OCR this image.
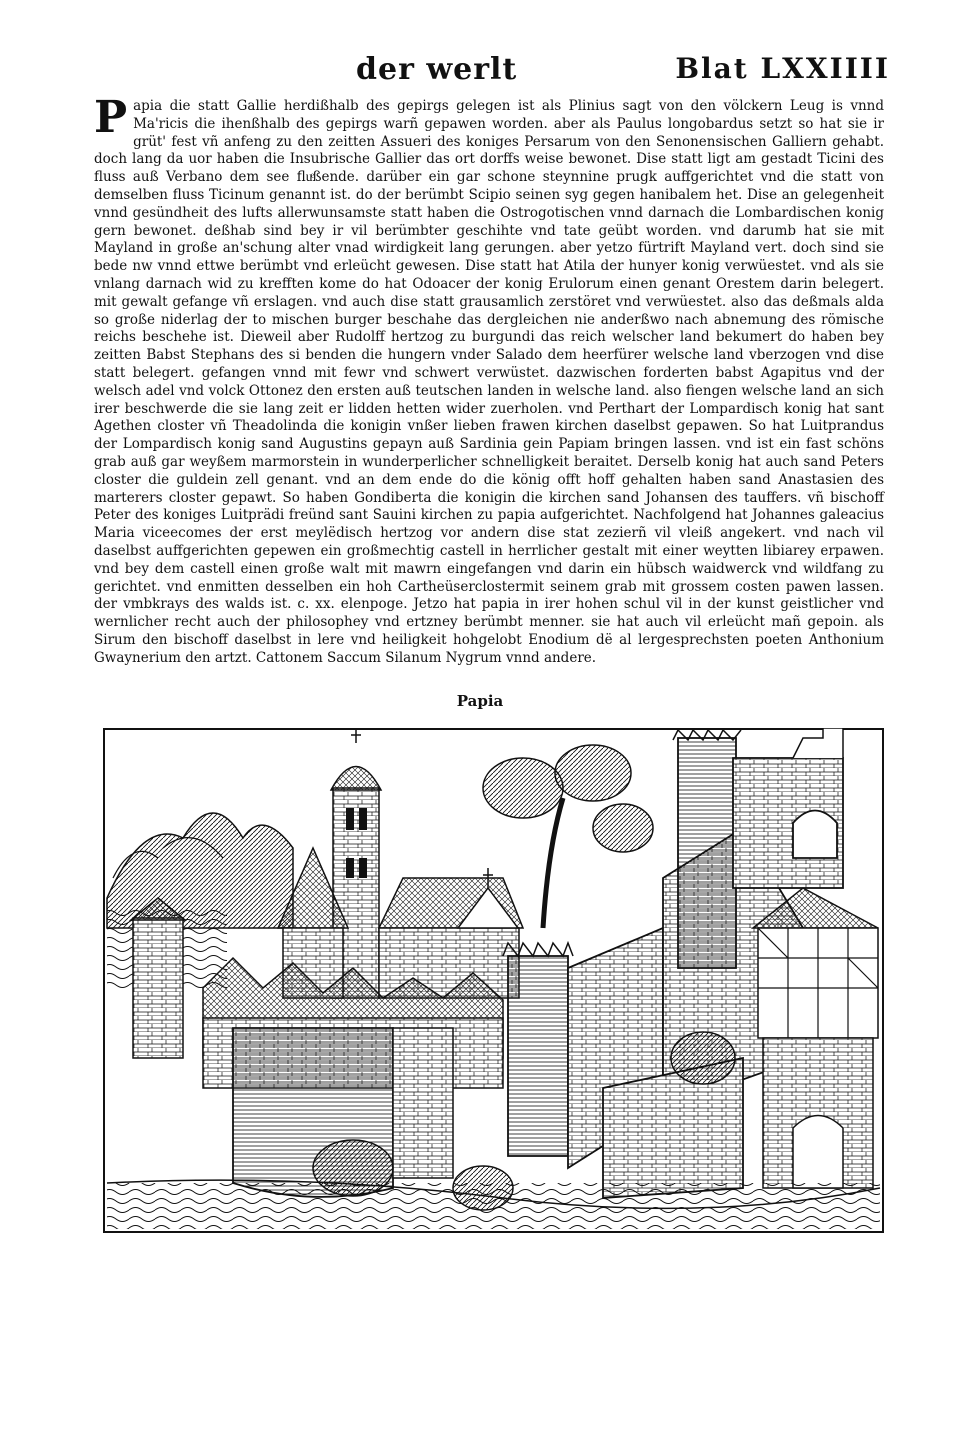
der werlt	Blat LXXIIII
Papia die statt Gallie herdißhalb des gepirgs gelegen ist als Plinius sagt von den völckern Leug is vnnd Ma'ricis die ihenßhalb des gepirgs warñ gepawen worden. aber als Paulus longobardus setzt so hat sie ir grüt' fest vñ anfeng zu den zeitten Assueri des koniges Persarum von den Senonensischen Galliern gehabt. doch lang da uor haben die Insubrische Gallier das ort dorffs weise bewonet. Dise statt ligt am gestadt Ticini des fluss auß Verbano dem see fluͤßende. darüber ein gar schone steynnine prugk auffgerichtet vnd die statt von demselben fluss Ticinum genannt ist. do der berümbt Scipio seinen syg gegen hanibalem het. Dise an gelegenheit vnnd gesündheit des lufts allerwunsamste statt haben die Ostrogotischen vnnd darnach die Lombardischen konig gern bewonet. deßhab sind bey ir vil berümbter geschihte vnd tate geübt worden. vnd darumb hat sie mit Mayland in große an'schung alter vnad wirdigkeit lang gerungen. aber yetzo fürtrift Mayland vert. doch sind sie bede nw vnnd ettwe berümbt vnd erleücht gewesen. Dise statt hat Atila der hunyer konig verwüestet. vnd als sie vnlang darnach wid zu krefften kome do hat Odoacer der konig Erulorum einen genant Orestem darin belegert. mit gewalt gefange vñ erslagen. vnd auch dise statt grausamlich zerstöret vnd verwüestet. also das deßmals alda so große niderlag der to mischen burger beschahe das dergleichen nie anderßwo nach abnemung des römische reichs beschehe ist. Dieweil aber Rudolff hertzog zu burgundi das reich welscher land bekumert do haben bey zeitten Babst Stephans des si benden die hungern vnder Salado dem heerfürer welsche land vberzogen vnd dise statt belegert. gefangen vnnd mit fewr vnd schwert verwüstet. dazwischen forderten babst Agapitus vnd der welsch adel vnd volck Ottonez den ersten auß teutschen landen in welsche land. also fiengen welsche land an sich irer beschwerde die sie lang zeit er lidden hetten wider zuerholen. vnd Perthart der Lompardisch konig hat sant Agethen closter vñ Theadolinda die konigin vnßer lieben frawen kirchen daselbst gepawen. So hat Luitprandus der Lompardisch konig sand Augustins gepayn auß Sardinia gein Papiam bringen lassen. vnd ist ein fast schöns grab auß gar weyßem marmorstein in wunderperlicher schnelligkeit beraitet. Derselb konig hat auch sand Peters closter die guldein zell genant. vnd an dem ende do die könig offt hoff gehalten haben sand Anastasien des marterers closter gepawt. So haben Gondiberta die konigin die kirchen sand Johansen des tauffers. vñ bischoff Peter des koniges Luitprädi freünd sant Sauini kirchen zu papia aufgerichtet. Nachfolgend hat Johannes galeacius Maria viceecomes der erst meylëdisch hertzog vor andern dise stat zezierñ vil vleiß angekert. vnd nach vil daselbst auffgerichten gepewen ein großmechtig castell in herrlicher gestalt mit einer weytten libiarey erpawen. vnd bey dem castell einen große walt mit mawrn eingefangen vnd darin ein hübsch waidwerck vnd wildfang zu gerichtet. vnd enmitten desselben ein hoh Cartheüserclostermit seinem grab mit grossem costen pawen lassen. der vmbkrays des walds ist. c. xx. elenpoge. Jetzo hat papia in irer hohen schul vil in der kunst geistlicher vnd wernlicher recht auch der philosophey vnd ertzney berümbt menner. sie hat auch vil erleücht mañ gepoin. als Sirum den bischoff daselbst in lere vnd heiligkeit hohgelobt Enodium dë al lergesprechsten poeten Anthonium Gwaynerium den artzt. Cattonem Saccum Silanum Nygrum vnnd andere.
Papia
